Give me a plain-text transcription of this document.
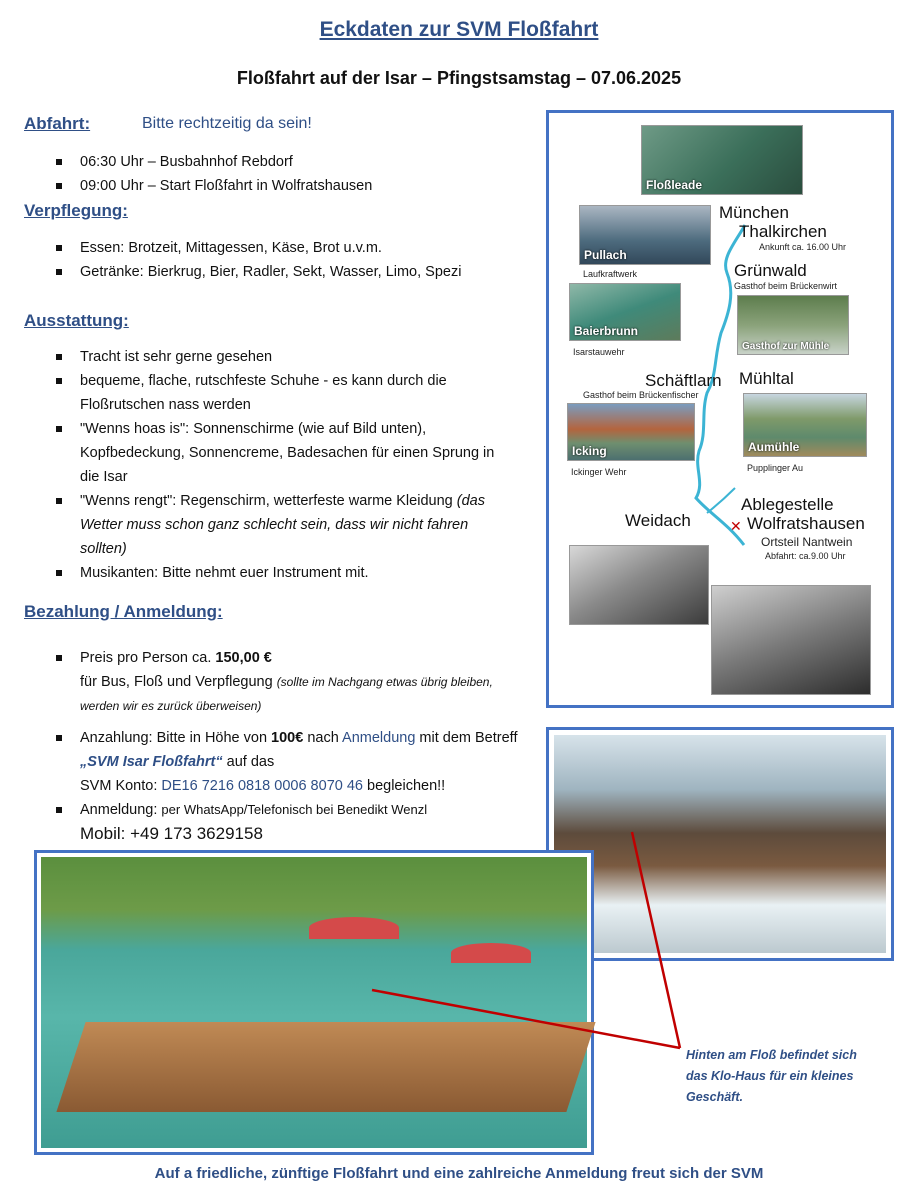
Eckdaten zur SVM Floßfahrt
Floßfahrt auf der Isar – Pfingstsamstag – 07.06.2025
Abfahrt:	Bitte rechtzeitig da sein!
06:30 Uhr – Busbahnhof Rebdorf
09:00 Uhr – Start Floßfahrt in Wolfratshausen
Verpflegung:
Essen: Brotzeit, Mittagessen, Käse, Brot u.v.m.
Getränke: Bierkrug, Bier, Radler, Sekt, Wasser, Limo, Spezi
Ausstattung:
Tracht ist sehr gerne gesehen
bequeme, flache, rutschfeste Schuhe - es kann durch die Floßrutschen nass werden
"Wenns hoas is": Sonnenschirme (wie auf Bild unten), Kopfbedeckung, Sonnencreme, Badesachen für einen Sprung in die Isar
"Wenns rengt": Regenschirm, wetterfeste warme Kleidung (das Wetter muss schon ganz schlecht sein, dass wir nicht fahren sollten)
Musikanten: Bitte nehmt euer Instrument mit.
Bezahlung / Anmeldung:
Preis pro Person ca. 150,00 €
für Bus, Floß und Verpflegung (sollte im Nachgang etwas übrig bleiben, werden wir es zurück überweisen)
Anzahlung: Bitte in Höhe von 100€ nach Anmeldung mit dem Betreff „SVM Isar Floßfahrt“ auf das
SVM Konto: DE16 7216 0818 0006 8070 46 begleichen!!
Anmeldung: per WhatsApp/Telefonisch bei Benedikt Wenzl
Mobil: +49 173 3629158
✕
Floßleade
Pullach
Laufkraftwerk
München
Thalkirchen
Ankunft ca. 16.00 Uhr
Grünwald
Gasthof beim Brückenwirt
Baierbrunn
Isarstauwehr	Gasthof zur Mühle
Schäftlarn
Gasthof beim Brückenfischer
Mühltal
Icking
Ickinger Wehr
Aumühle
Pupplinger Au
Weidach
Ablegestelle
Wolfratshausen
Ortsteil Nantwein
Abfahrt: ca.9.00 Uhr
Hinten am Floß befindet sich das Klo-Haus für ein kleines Geschäft.
Auf a friedliche, zünftige Floßfahrt und eine zahlreiche Anmeldung freut sich der SVM
